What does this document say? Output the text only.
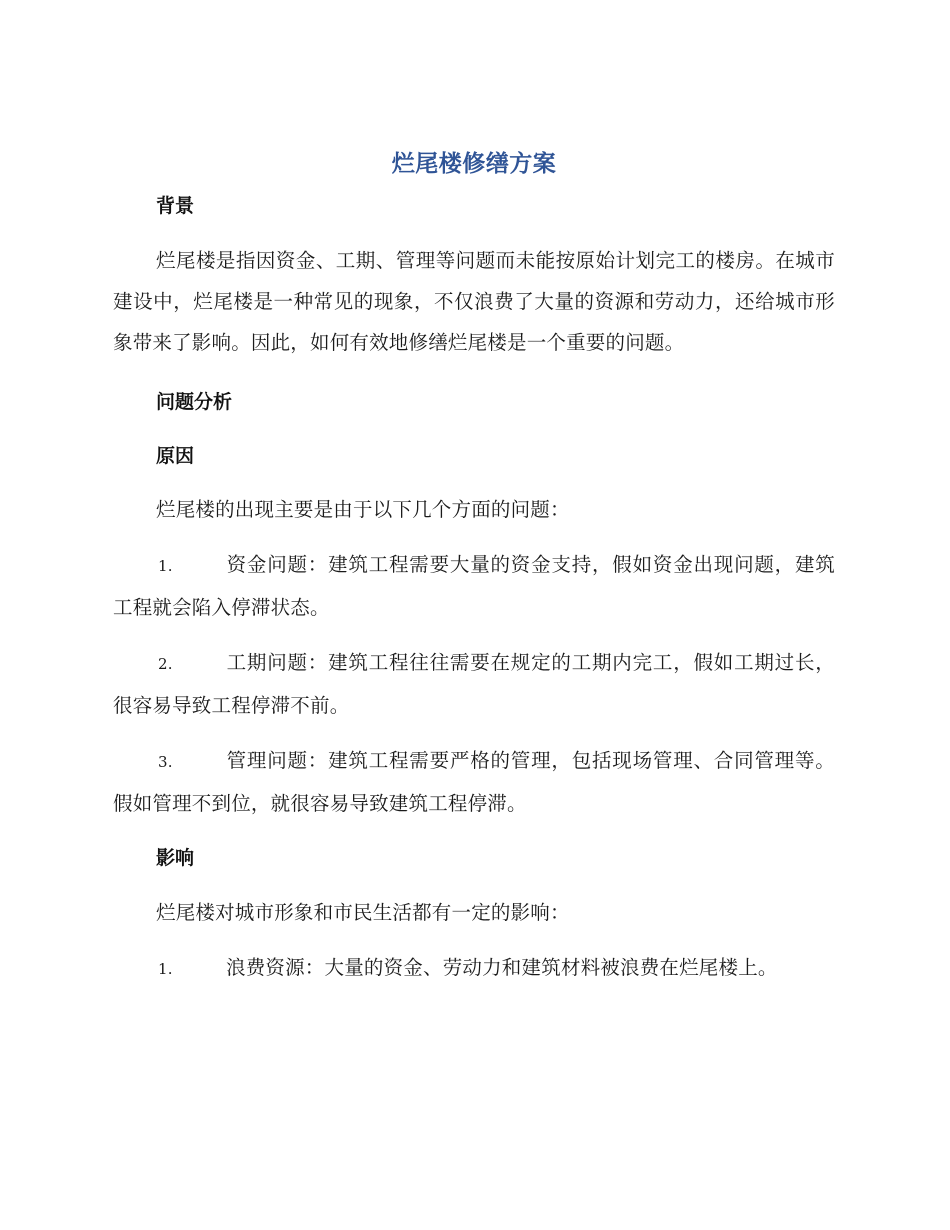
烂尾楼修缮方案
背景

烂尾楼是指因资金、工期、管理等问题而未能按原始计划完工的楼房。在城市建设中，烂尾楼是一种常见的现象，不仅浪费了大量的资源和劳动力，还给城市形象带来了影响。因此，如何有效地修缮烂尾楼是一个重要的问题。

问题分析
原因

烂尾楼的出现主要是由于以下几个方面的问题：

1.	资金问题：建筑工程需要大量的资金支持，假如资金出现问题，建筑工程就会陷入停滞状态。

2.	工期问题：建筑工程往往需要在规定的工期内完工，假如工期过长，很容易导致工程停滞不前。

3.	管理问题：建筑工程需要严格的管理，包括现场管理、合同管理等。假如管理不到位，就很容易导致建筑工程停滞。

影响

烂尾楼对城市形象和市民生活都有一定的影响：

1.	浪费资源：大量的资金、劳动力和建筑材料被浪费在烂尾楼上。
